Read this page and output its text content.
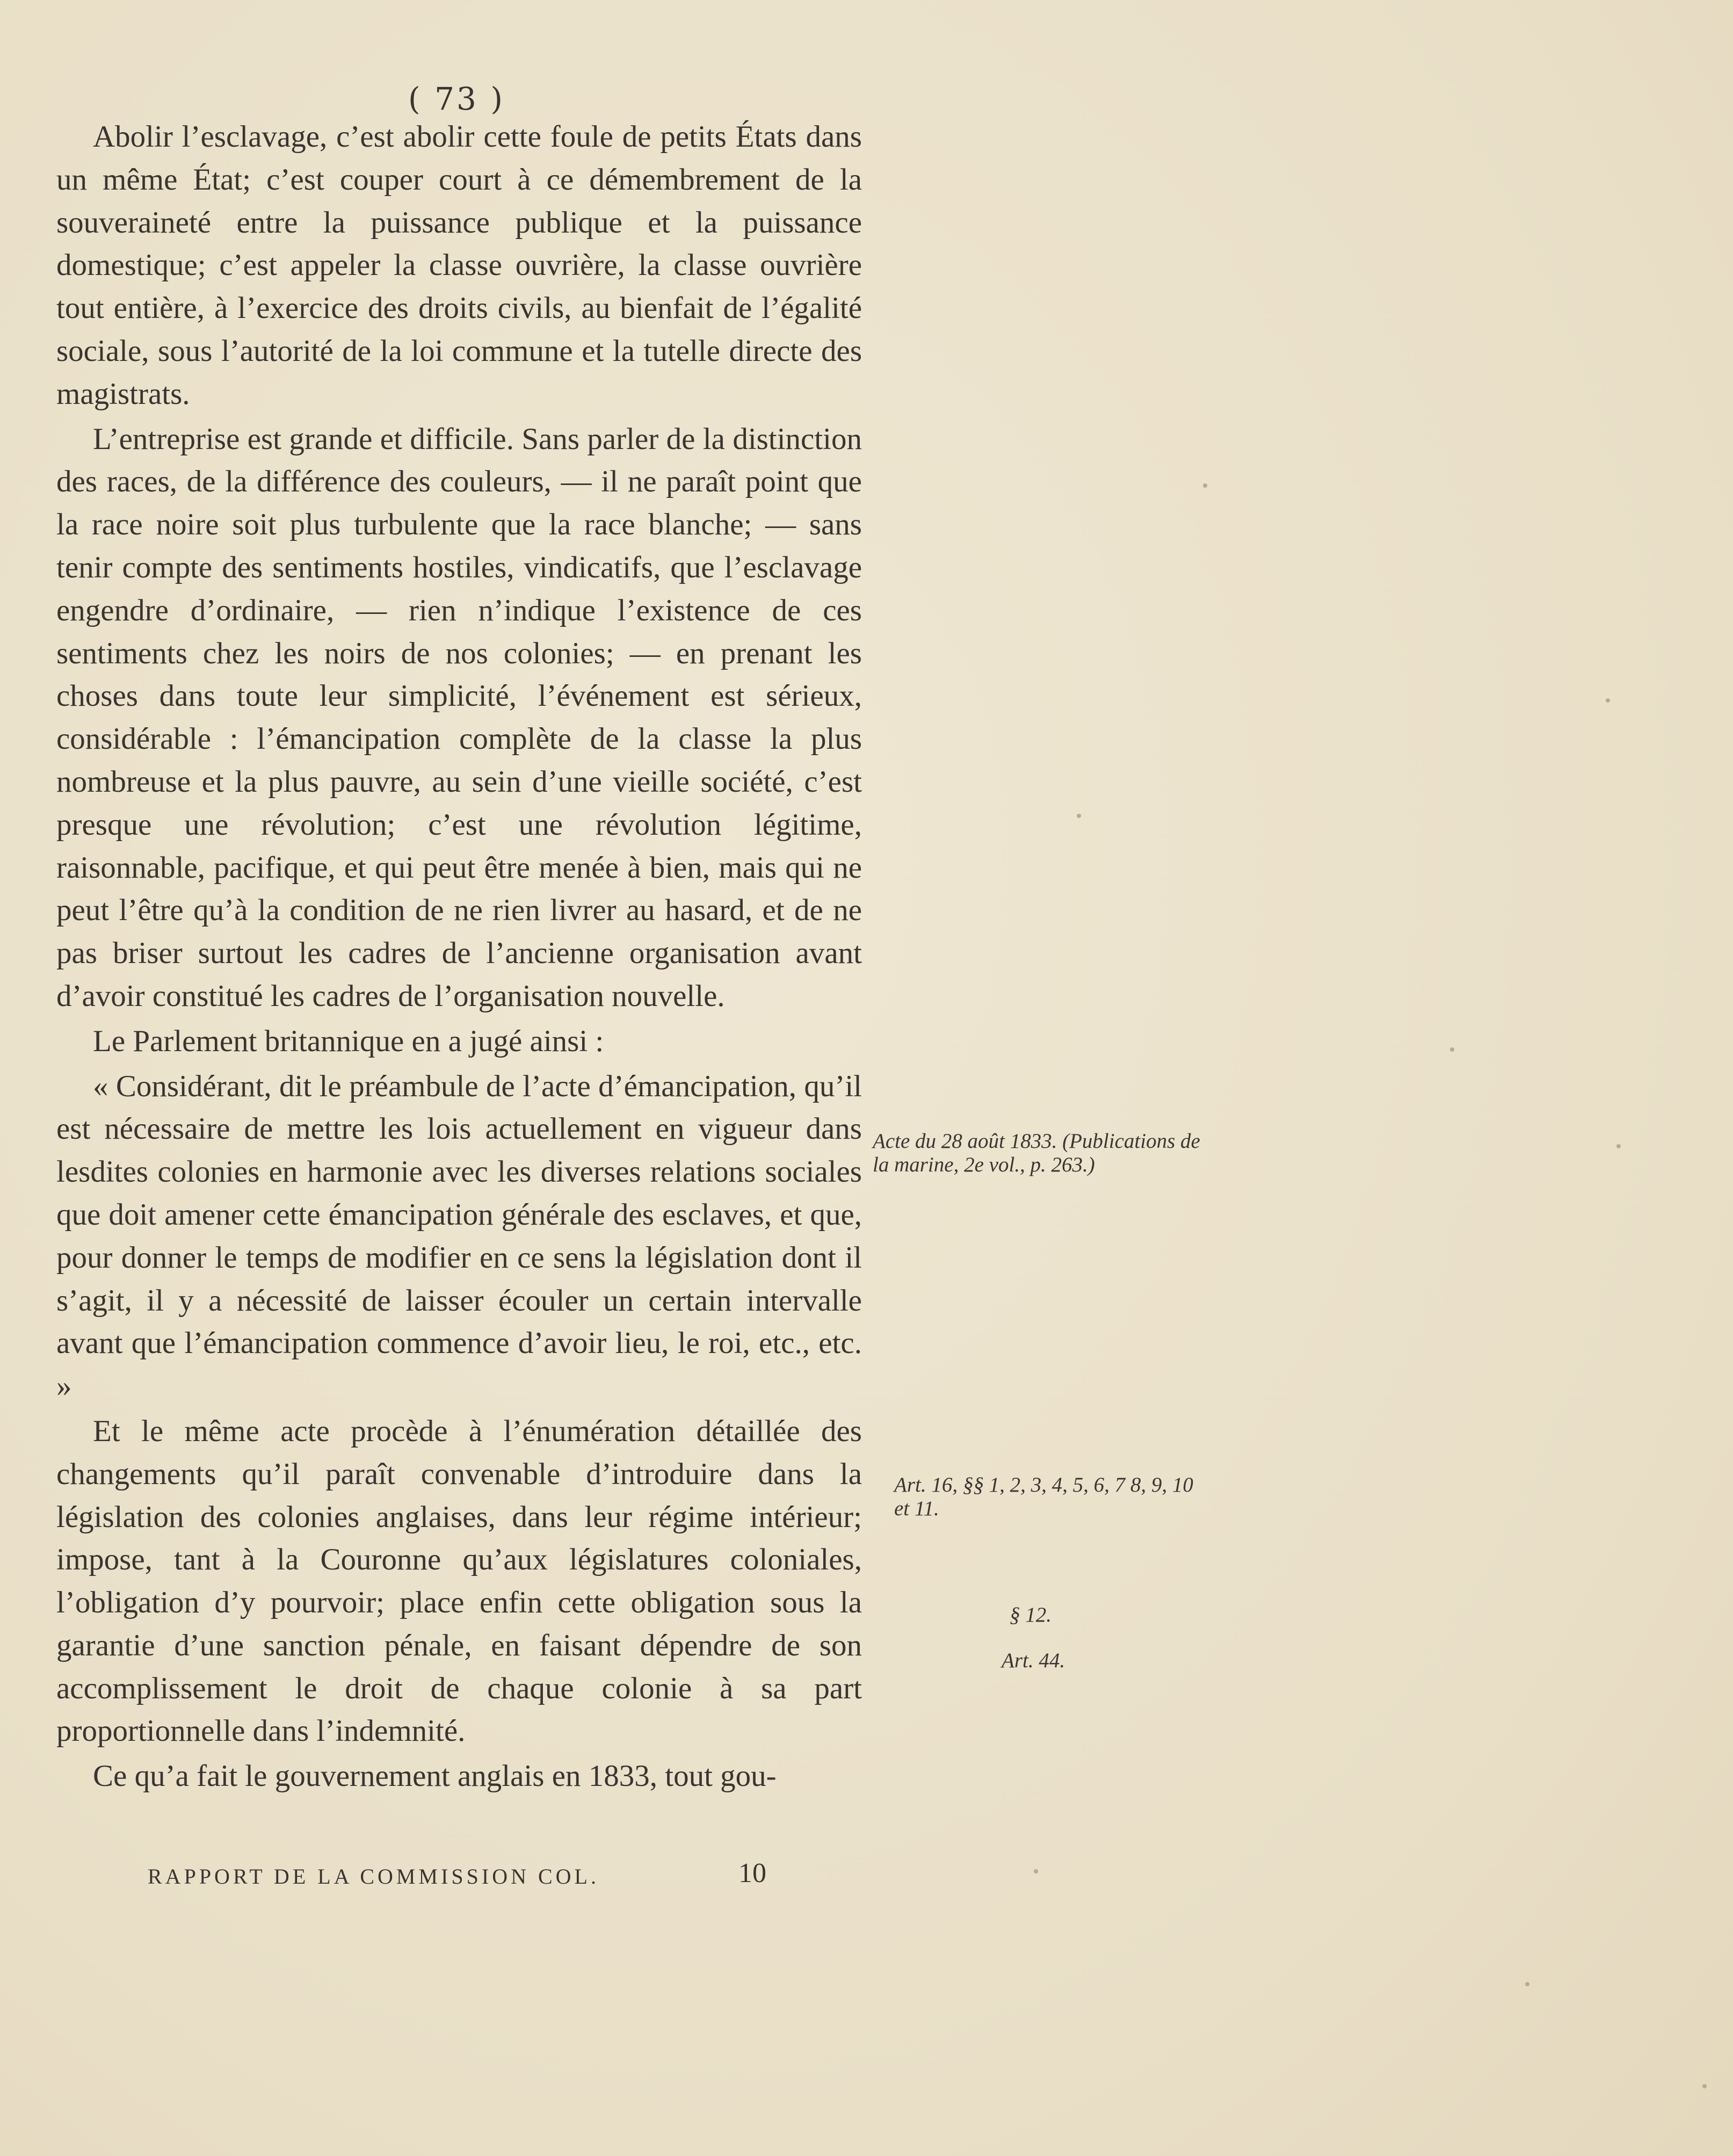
( 73 )

Abolir l’esclavage, c’est abolir cette foule de petits États dans un même État; c’est couper court à ce démembrement de la souveraineté entre la puissance publique et la puissance domestique; c’est appeler la classe ouvrière, la classe ouvrière tout entière, à l’exercice des droits civils, au bienfait de l’égalité sociale, sous l’autorité de la loi commune et la tutelle directe des magistrats.

L’entreprise est grande et difficile. Sans parler de la distinction des races, de la différence des couleurs, — il ne paraît point que la race noire soit plus turbulente que la race blanche; — sans tenir compte des sentiments hostiles, vindicatifs, que l’esclavage engendre d’ordinaire, — rien n’indique l’existence de ces sentiments chez les noirs de nos colonies; — en prenant les choses dans toute leur simplicité, l’événement est sérieux, considérable : l’émancipation complète de la classe la plus nombreuse et la plus pauvre, au sein d’une vieille société, c’est presque une révolution; c’est une révolution légitime, raisonnable, pacifique, et qui peut être menée à bien, mais qui ne peut l’être qu’à la condition de ne rien livrer au hasard, et de ne pas briser surtout les cadres de l’ancienne organisation avant d’avoir constitué les cadres de l’organisation nouvelle.

Le Parlement britannique en a jugé ainsi :

« Considérant, dit le préambule de l’acte d’émancipation, qu’il est nécessaire de mettre les lois actuellement en vigueur dans lesdites colonies en harmonie avec les diverses relations sociales que doit amener cette émancipation générale des esclaves, et que, pour donner le temps de modifier en ce sens la législation dont il s’agit, il y a nécessité de laisser écouler un certain intervalle avant que l’émancipation commence d’avoir lieu, le roi, etc., etc. »

Et le même acte procède à l’énumération détaillée des changements qu’il paraît convenable d’introduire dans la législation des colonies anglaises, dans leur régime intérieur; impose, tant à la Couronne qu’aux législatures coloniales, l’obligation d’y pourvoir; place enfin cette obligation sous la garantie d’une sanction pénale, en faisant dépendre de son accomplissement le droit de chaque colonie à sa part proportionnelle dans l’indemnité.

Ce qu’a fait le gouvernement anglais en 1833, tout gou-

Acte du 28 août 1833. (Publications de la marine, 2e vol., p. 263.)
Art. 16, §§ 1, 2, 3, 4, 5, 6, 7 8, 9, 10 et 11.
§ 12.
Art. 44.
RAPPORT DE LA COMMISSION COL.	10
